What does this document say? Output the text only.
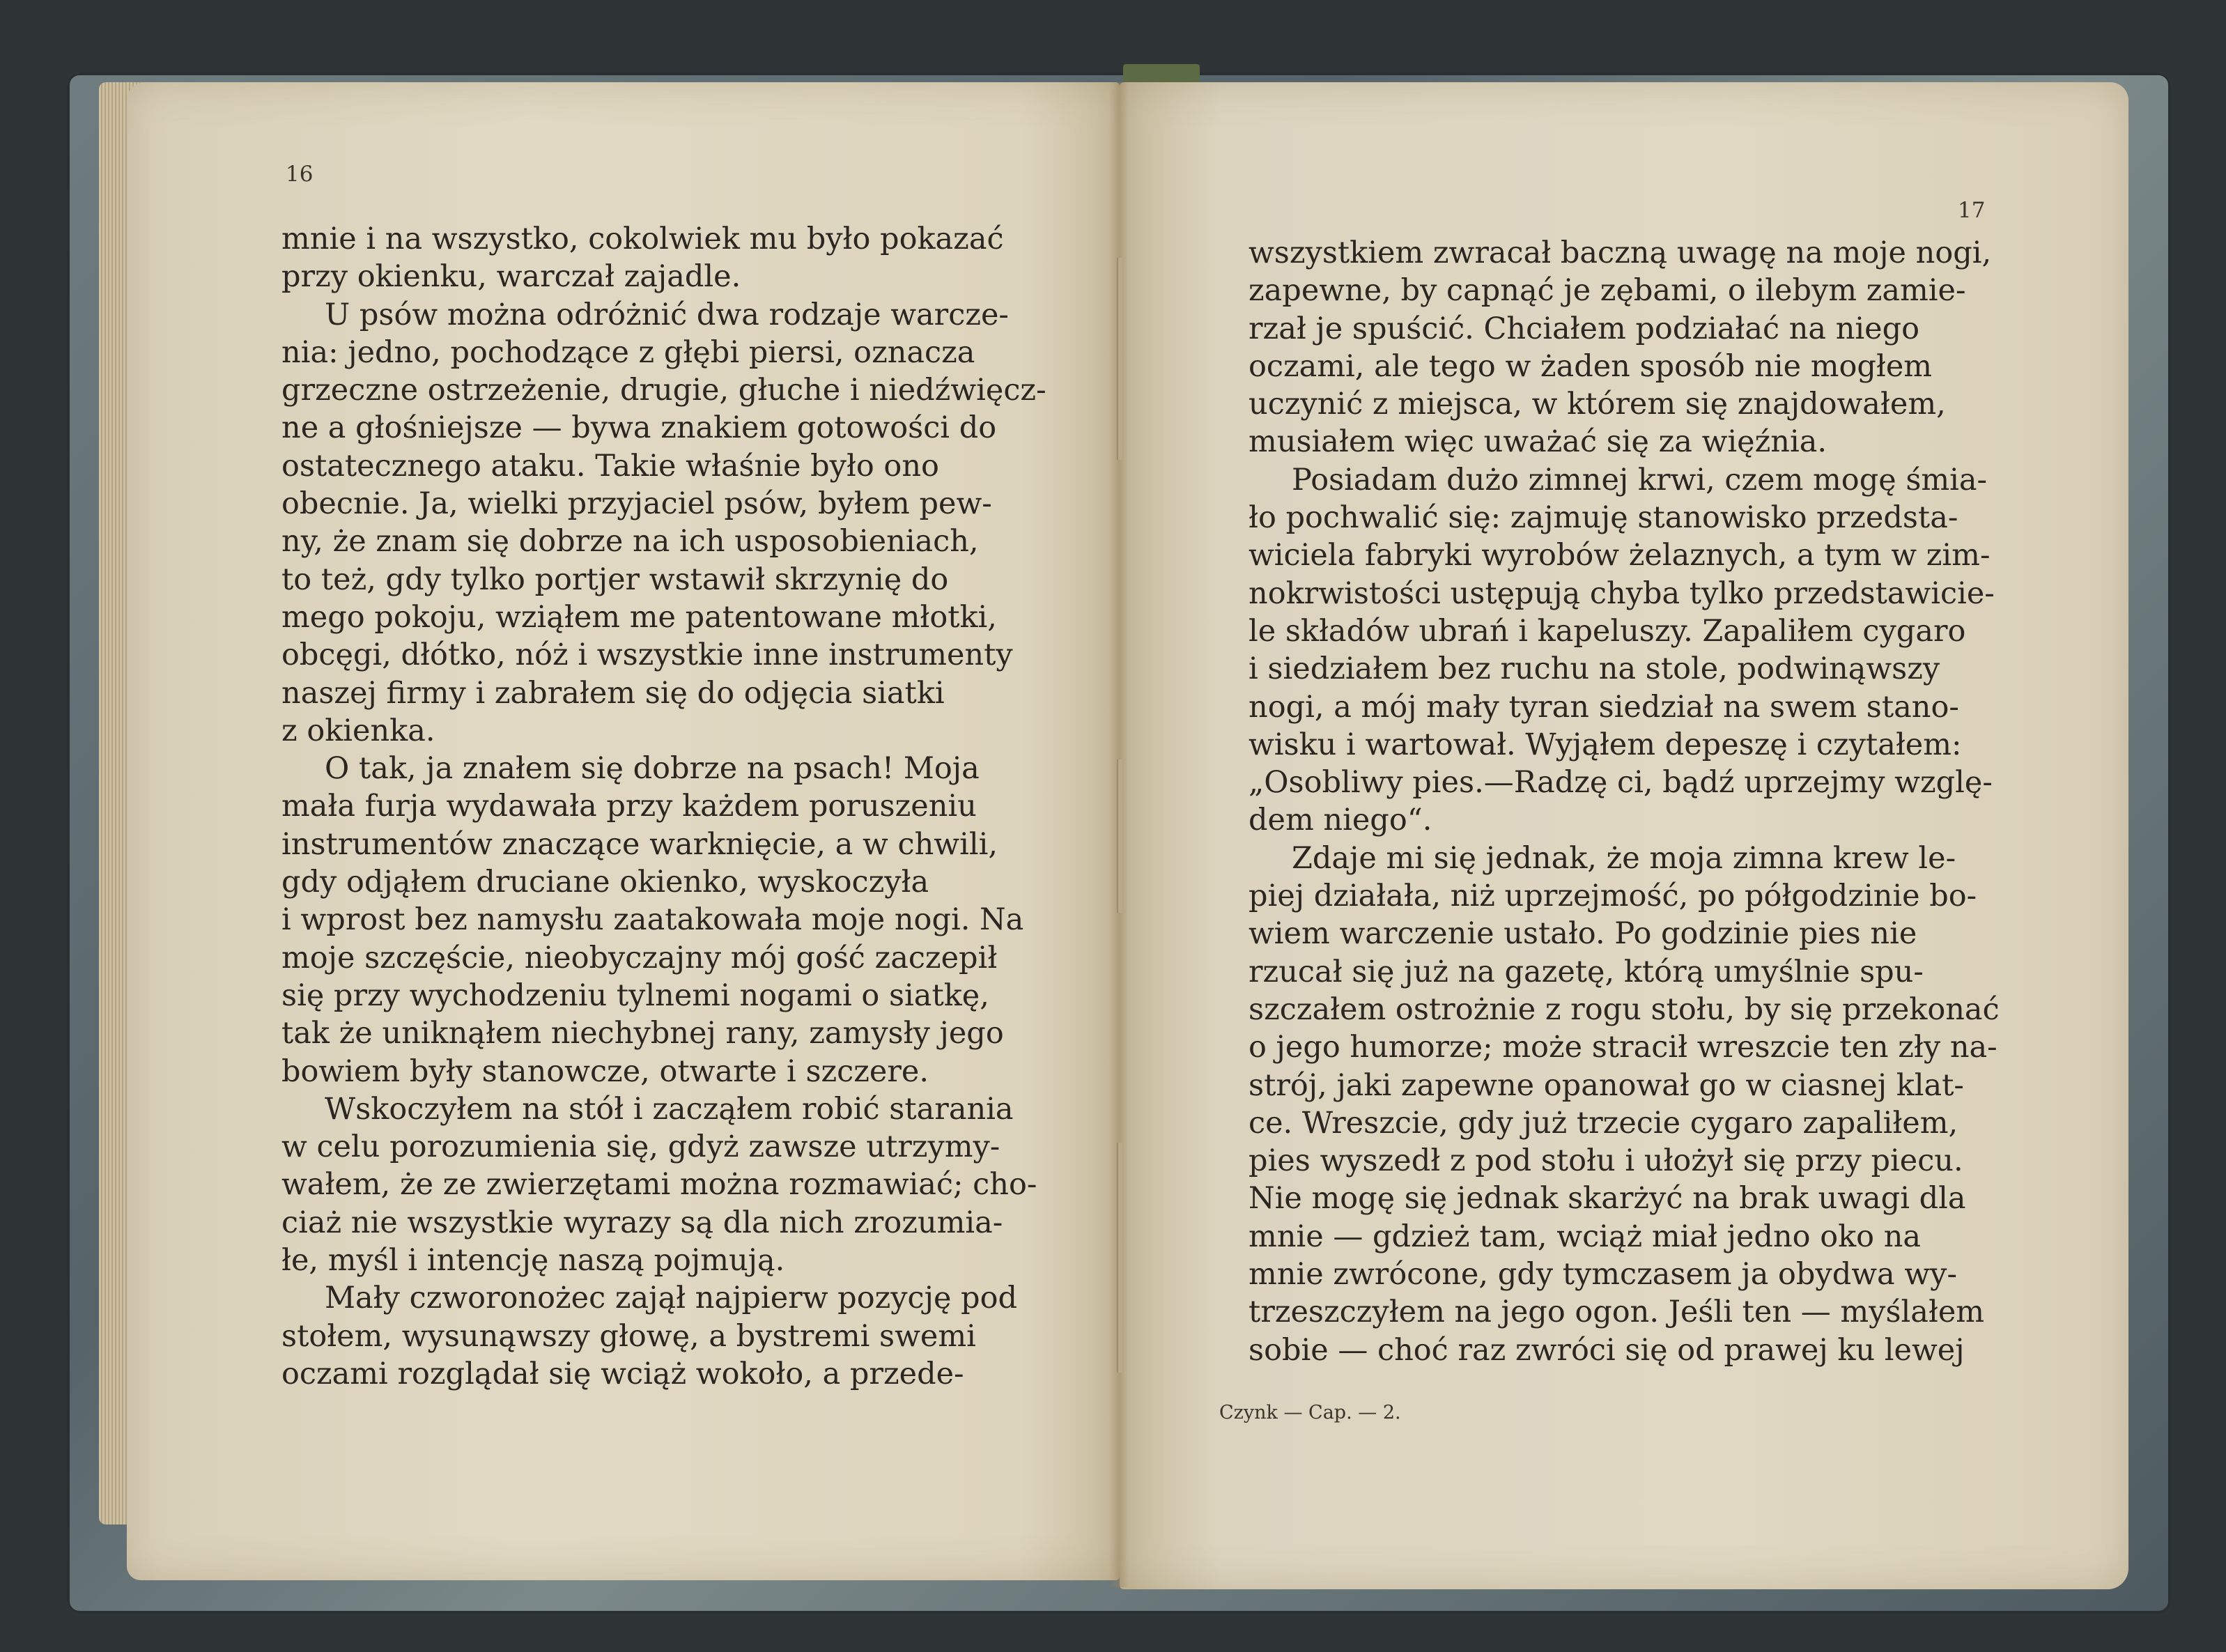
16
mnie i na wszystko, cokolwiek mu było pokazać
przy okienku, warczał zajadle.
U psów można odróżnić dwa rodzaje warcze-
nia: jedno, pochodzące z głębi piersi, oznacza
grzeczne ostrzeżenie, drugie, głuche i niedźwięcz-
ne a głośniejsze — bywa znakiem gotowości do
ostatecznego ataku. Takie właśnie było ono
obecnie. Ja, wielki przyjaciel psów, byłem pew-
ny, że znam się dobrze na ich usposobieniach,
to też, gdy tylko portjer wstawił skrzynię do
mego pokoju, wziąłem me patentowane młotki,
obcęgi, dłótko, nóż i wszystkie inne instrumenty
naszej firmy i zabrałem się do odjęcia siatki
z okienka.
O tak, ja znałem się dobrze na psach! Moja
mała furja wydawała przy każdem poruszeniu
instrumentów znaczące warknięcie, a w chwili,
gdy odjąłem druciane okienko, wyskoczyła
i wprost bez namysłu zaatakowała moje nogi. Na
moje szczęście, nieobyczajny mój gość zaczepił
się przy wychodzeniu tylnemi nogami o siatkę,
tak że uniknąłem niechybnej rany, zamysły jego
bowiem były stanowcze, otwarte i szczere.
Wskoczyłem na stół i zacząłem robić starania
w celu porozumienia się, gdyż zawsze utrzymy-
wałem, że ze zwierzętami można rozmawiać; cho-
ciaż nie wszystkie wyrazy są dla nich zrozumia-
łe, myśl i intencję naszą pojmują.
Mały czworonożec zajął najpierw pozycję pod
stołem, wysunąwszy głowę, a bystremi swemi
oczami rozglądał się wciąż wokoło, a przede-
17
wszystkiem zwracał baczną uwagę na moje nogi,
zapewne, by capnąć je zębami, o ilebym zamie-
rzał je spuścić. Chciałem podziałać na niego
oczami, ale tego w żaden sposób nie mogłem
uczynić z miejsca, w którem się znajdowałem,
musiałem więc uważać się za więźnia.
Posiadam dużo zimnej krwi, czem mogę śmia-
ło pochwalić się: zajmuję stanowisko przedsta-
wiciela fabryki wyrobów żelaznych, a tym w zim-
nokrwistości ustępują chyba tylko przedstawicie-
le składów ubrań i kapeluszy. Zapaliłem cygaro
i siedziałem bez ruchu na stole, podwinąwszy
nogi, a mój mały tyran siedział na swem stano-
wisku i wartował. Wyjąłem depeszę i czytałem:
„Osobliwy pies.—Radzę ci, bądź uprzejmy wzglę-
dem niego“.
Zdaje mi się jednak, że moja zimna krew le-
piej działała, niż uprzejmość, po półgodzinie bo-
wiem warczenie ustało. Po godzinie pies nie
rzucał się już na gazetę, którą umyślnie spu-
szczałem ostrożnie z rogu stołu, by się przekonać
o jego humorze; może stracił wreszcie ten zły na-
strój, jaki zapewne opanował go w ciasnej klat-
ce. Wreszcie, gdy już trzecie cygaro zapaliłem,
pies wyszedł z pod stołu i ułożył się przy piecu.
Nie mogę się jednak skarżyć na brak uwagi dla
mnie — gdzież tam, wciąż miał jedno oko na
mnie zwrócone, gdy tymczasem ja obydwa wy-
trzeszczyłem na jego ogon. Jeśli ten — myślałem
sobie — choć raz zwróci się od prawej ku lewej
Czynk — Cap. — 2.
